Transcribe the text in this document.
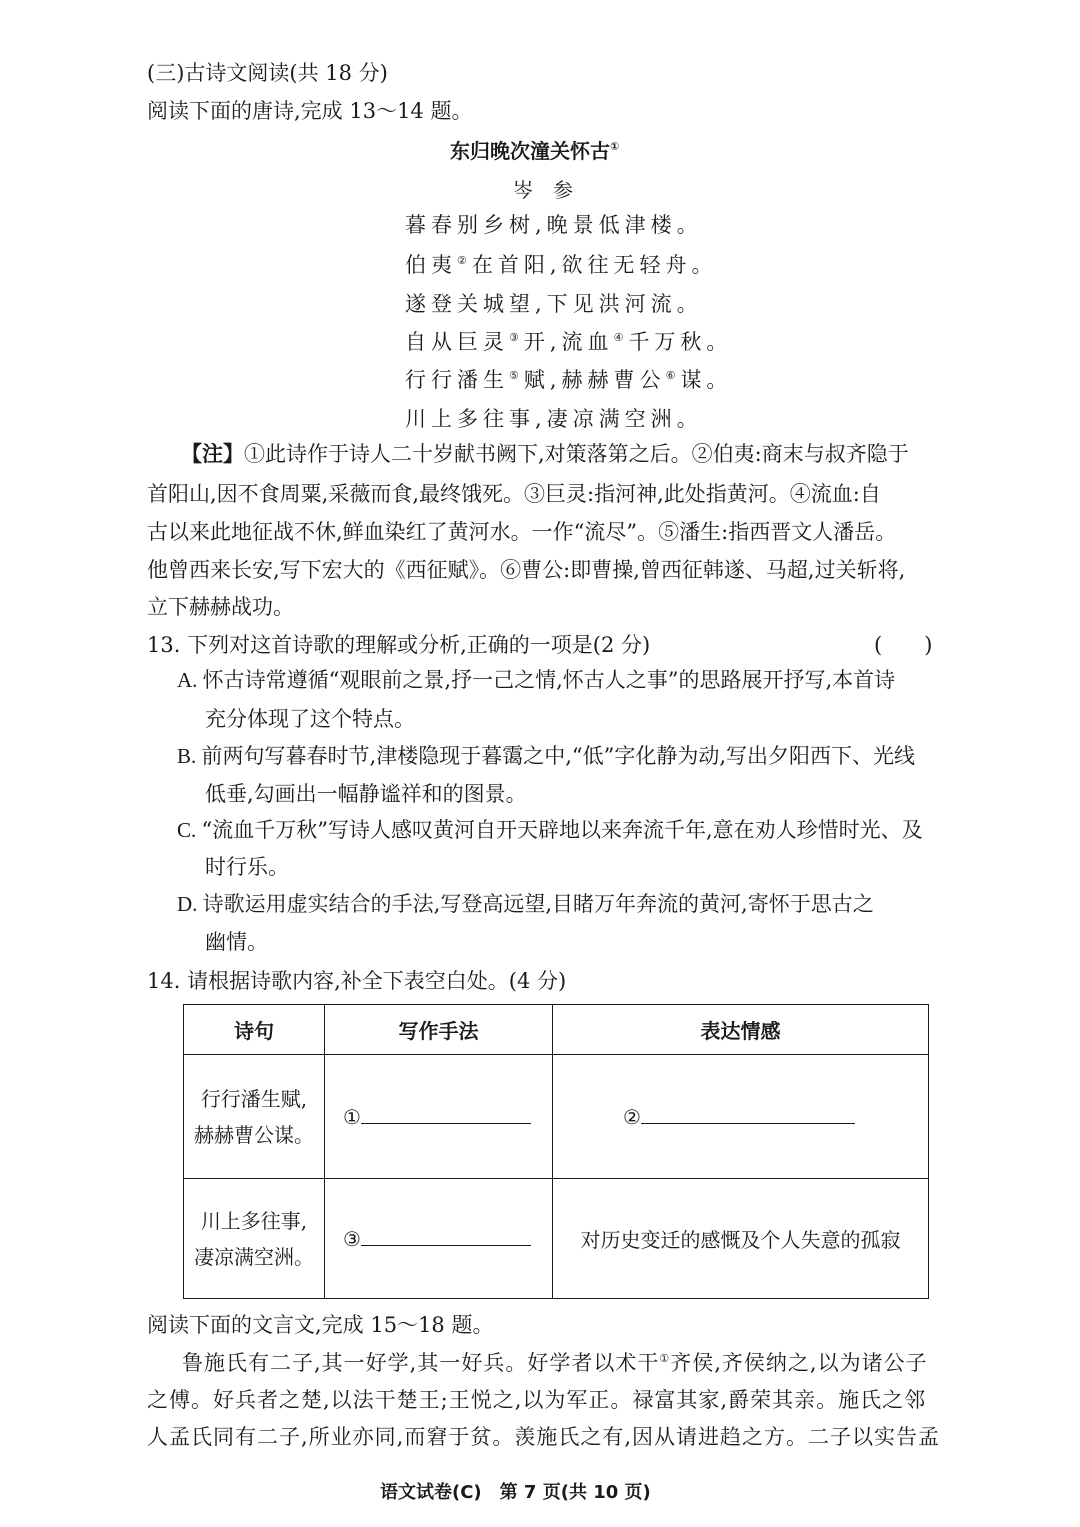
(三)古诗文阅读(共 18 分)
阅读下面的唐诗,完成 13～14 题。
东归晚次潼关怀古①
岑　参
暮春别乡树,晚景低津楼。
伯夷②在首阳,欲往无轻舟。
遂登关城望,下见洪河流。
自从巨灵③开,流血④千万秋。
行行潘生⑤赋,赫赫曹公⑥谋。
川上多往事,凄凉满空洲。
【注】①此诗作于诗人二十岁献书阙下,对策落第之后。②伯夷:商末与叔齐隐于
首阳山,因不食周粟,采薇而食,最终饿死。③巨灵:指河神,此处指黄河。④流血:自
古以来此地征战不休,鲜血染红了黄河水。一作“流尽”。⑤潘生:指西晋文人潘岳。
他曾西来长安,写下宏大的《西征赋》。⑥曹公:即曹操,曾西征韩遂、马超,过关斩将,
立下赫赫战功。
13. 下列对这首诗歌的理解或分析,正确的一项是(2 分)	(　　)
A. 怀古诗常遵循“观眼前之景,抒一己之情,怀古人之事”的思路展开抒写,本首诗
充分体现了这个特点。
B. 前两句写暮春时节,津楼隐现于暮霭之中,“低”字化静为动,写出夕阳西下、光线
低垂,勾画出一幅静谧祥和的图景。
C. “流血千万秋”写诗人感叹黄河自开天辟地以来奔流千年,意在劝人珍惜时光、及
时行乐。
D. 诗歌运用虚实结合的手法,写登高远望,目睹万年奔流的黄河,寄怀于思古之
幽情。
14. 请根据诗歌内容,补全下表空白处。(4 分)
诗句	写作手法	表达情感

行行潘生赋,
赫赫曹公谋。	①	②

川上多往事,
凄凉满空洲。	③	对历史变迁的感慨及个人失意的孤寂
阅读下面的文言文,完成 15～18 题。
鲁施氏有二子,其一好学,其一好兵。好学者以术干①齐侯,齐侯纳之,以为诸公子
之傅。好兵者之楚,以法干楚王;王悦之,以为军正。禄富其家,爵荣其亲。施氏之邻
人孟氏同有二子,所业亦同,而窘于贫。羡施氏之有,因从请进趋之方。二子以实告孟
语文试卷(C)　第 7 页(共 10 页)
